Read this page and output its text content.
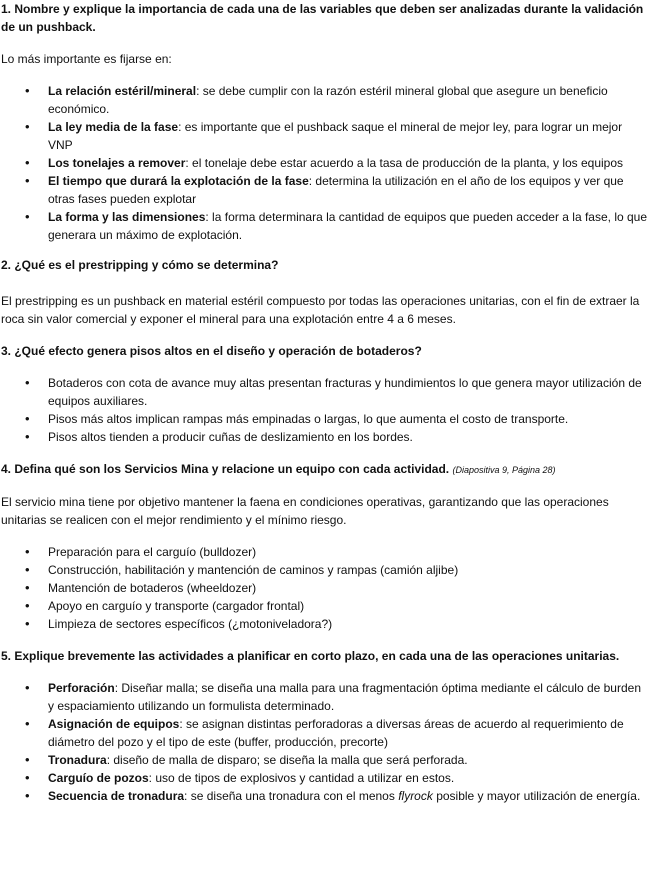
1. Nombre y explique la importancia de cada una de las variables que deben ser analizadas durante la validación de un pushback.

Lo más importante es fijarse en:

• La relación estéril/mineral: se debe cumplir con la razón estéril mineral global que asegure un beneficio económico.
• La ley media de la fase: es importante que el pushback saque el mineral de mejor ley, para lograr un mejor VNP
• Los tonelajes a remover: el tonelaje debe estar acuerdo a la tasa de producción de la planta, y los equipos
• El tiempo que durará la explotación de la fase: determina la utilización en el año de los equipos y ver que otras fases pueden explotar
• La forma y las dimensiones: la forma determinara la cantidad de equipos que pueden acceder a la fase, lo que generara un máximo de explotación.

2. ¿Qué es el prestripping y cómo se determina?

El prestripping es un pushback en material estéril compuesto por todas las operaciones unitarias, con el fin de extraer la roca sin valor comercial y exponer el mineral para una explotación entre 4 a 6 meses.

3. ¿Qué efecto genera pisos altos en el diseño y operación de botaderos?

• Botaderos con cota de avance muy altas presentan fracturas y hundimientos lo que genera mayor utilización de equipos auxiliares.
• Pisos más altos implican rampas más empinadas o largas, lo que aumenta el costo de transporte.
• Pisos altos tienden a producir cuñas de deslizamiento en los bordes.

4. Defina qué son los Servicios Mina y relacione un equipo con cada actividad. (Diapositiva 9, Página 28)

El servicio mina tiene por objetivo mantener la faena en condiciones operativas, garantizando que las operaciones unitarias se realicen con el mejor rendimiento y el mínimo riesgo.

• Preparación para el carguío (bulldozer)
• Construcción, habilitación y mantención de caminos y rampas (camión aljibe)
• Mantención de botaderos (wheeldozer)
• Apoyo en carguío y transporte (cargador frontal)
• Limpieza de sectores específicos (¿motoniveladora?)

5. Explique brevemente las actividades a planificar en corto plazo, en cada una de las operaciones unitarias.

• Perforación: Diseñar malla; se diseña una malla para una fragmentación óptima mediante el cálculo de burden y espaciamiento utilizando un formulista determinado.
• Asignación de equipos: se asignan distintas perforadoras a diversas áreas de acuerdo al requerimiento de diámetro del pozo y el tipo de este (buffer, producción, precorte)
• Tronadura: diseño de malla de disparo; se diseña la malla que será perforada.
• Carguío de pozos: uso de tipos de explosivos y cantidad a utilizar en estos.
• Secuencia de tronadura: se diseña una tronadura con el menos flyrock posible y mayor utilización de energía.
